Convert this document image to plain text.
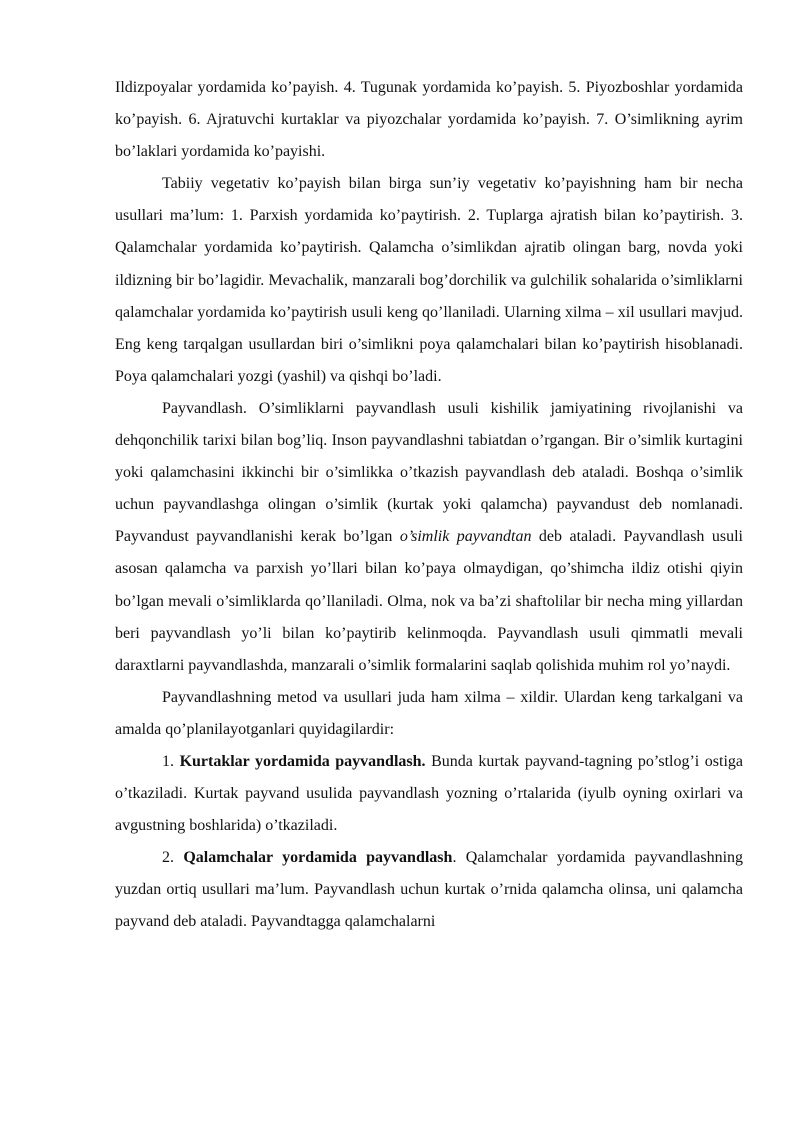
Ildizpoyalar yordamida ko’payish. 4. Tugunak yordamida ko’payish. 5. Piyozboshlar yordamida ko’payish. 6. Ajratuvchi kurtaklar va piyozchalar yordamida ko’payish. 7. O’simlikning ayrim bo’laklari yordamida ko’payishi.

Tabiiy vegetativ ko’payish bilan birga sun’iy vegetativ ko’payishning ham bir necha usullari ma’lum: 1. Parxish yordamida ko’paytirish. 2. Tuplarga ajratish bilan ko’paytirish. 3. Qalamchalar yordamida ko’paytirish. Qalamcha o’simlikdan ajratib olingan barg, novda yoki ildizning bir bo’lagidir. Mevachalik, manzarali bog’dorchilik va gulchilik sohalarida o’simliklarni qalamchalar yordamida ko’paytirish usuli keng qo’llaniladi. Ularning xilma – xil usullari mavjud. Eng keng tarqalgan usullardan biri o’simlikni poya qalamchalari bilan ko’paytirish hisoblanadi. Poya qalamchalari yozgi (yashil) va qishqi bo’ladi.

Payvandlash. O’simliklarni payvandlash usuli kishilik jamiyatining rivojlanishi va dehqonchilik tarixi bilan bog’liq. Inson payvandlashni tabiatdan o’rgangan. Bir o’simlik kurtagini yoki qalamchasini ikkinchi bir o’simlikka o’tkazish payvandlash deb ataladi. Boshqa o’simlik uchun payvandlashga olingan o’simlik (kurtak yoki qalamcha) payvandust deb nomlanadi. Payvandust payvandlanishi kerak bo’lgan o’simlik payvandtan deb ataladi. Payvandlash usuli asosan qalamcha va parxish yo’llari bilan ko’paya olmaydigan, qo’shimcha ildiz otishi qiyin bo’lgan mevali o’simliklarda qo’llaniladi. Olma, nok va ba’zi shaftolilar bir necha ming yillardan beri payvandlash yo’li bilan ko’paytirib kelinmoqda. Payvandlash usuli qimmatli mevali daraxtlarni payvandlashda, manzarali o’simlik formalarini saqlab qolishida muhim rol yo’naydi.

Payvandlashning metod va usullari juda ham xilma – xildir. Ulardan keng tarkalgani va amalda qo’planilayotganlari quyidagilardir:

1. Kurtaklar yordamida payvandlash. Bunda kurtak payvand-tagning po’stlog’i ostiga o’tkaziladi. Kurtak payvand usulida payvandlash yozning o’rtalarida (iyulb oyning oxirlari va avgustning boshlarida) o’tkaziladi.

2. Qalamchalar yordamida payvandlash. Qalamchalar yordamida payvandlashning yuzdan ortiq usullari ma’lum. Payvandlash uchun kurtak o’rnida qalamcha olinsa, uni qalamcha payvand deb ataladi. Payvandtagga qalamchalarni
